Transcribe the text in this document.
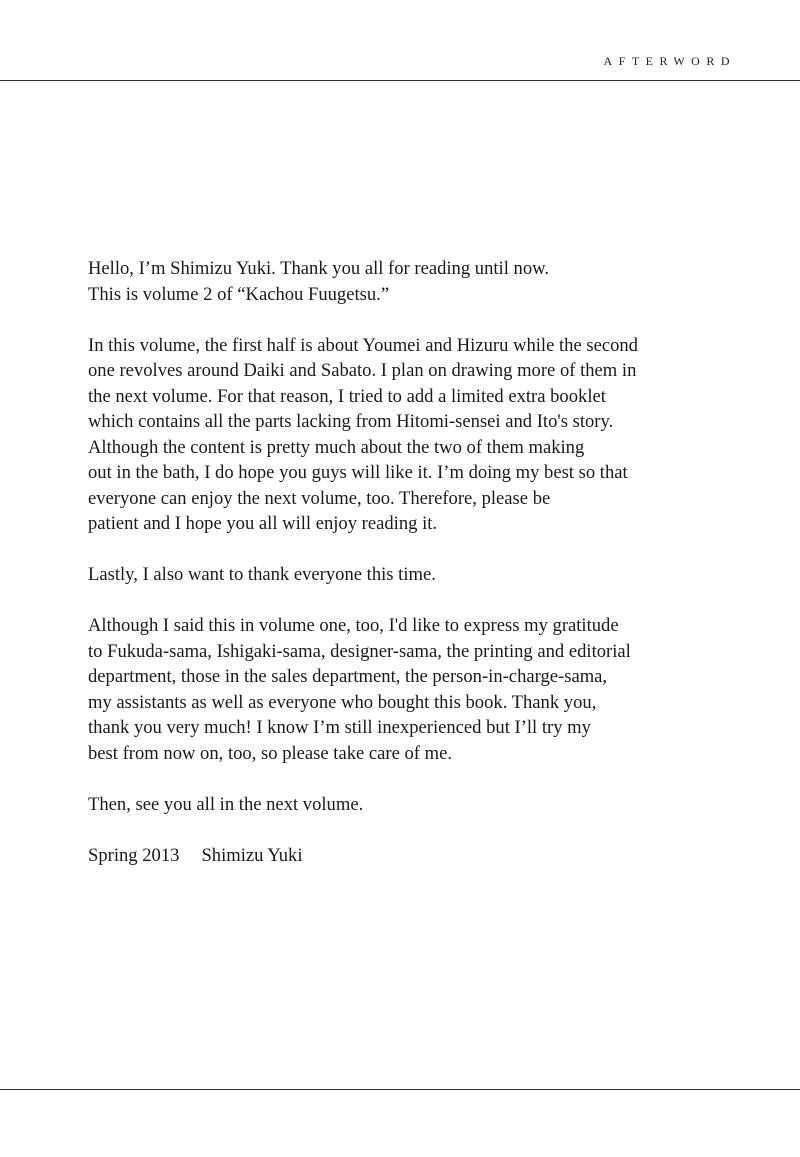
AFTERWORD

Hello, I’m Shimizu Yuki. Thank you all for reading until now.
This is volume 2 of “Kachou Fuugetsu.”

In this volume, the first half is about Youmei and Hizuru while the second
one revolves around Daiki and Sabato. I plan on drawing more of them in
the next volume. For that reason, I tried to add a limited extra booklet
which contains all the parts lacking from Hitomi-sensei and Ito's story.
Although the content is pretty much about the two of them making
out in the bath, I do hope you guys will like it. I’m doing my best so that
everyone can enjoy the next volume, too. Therefore, please be
patient and I hope you all will enjoy reading it.

Lastly, I also want to thank everyone this time.

Although I said this in volume one, too, I'd like to express my gratitude
to Fukuda-sama, Ishigaki-sama, designer-sama, the printing and editorial
department, those in the sales department, the person-in-charge-sama,
my assistants as well as everyone who bought this book. Thank you,
thank you very much! I know I’m still inexperienced but I’ll try my
best from now on, too, so please take care of me.

Then, see you all in the next volume.

Spring 2013 Shimizu Yuki
